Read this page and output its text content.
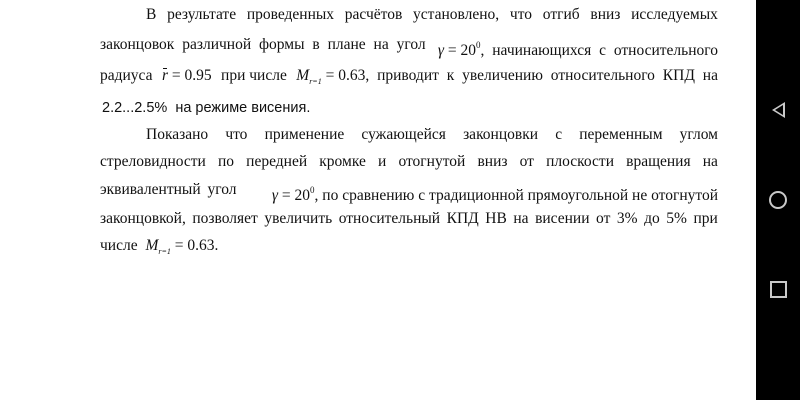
В результате проведенных расчётов установлено, что отгиб вниз исследуемых
законцовок различной формы в плане на угол $\gamma = 20^0$, начинающихся с относительного
радиуса r = 0.95 при числе $M_{r=1} = 0.63$, приводит к увеличению относительного КПД на
2.2...2.5% на режиме висения.
Показано что применение сужающейся законцовки с переменным углом
стреловидности по передней кромке и отогнутой вниз от плоскости вращения на
эквивалентный угол $\gamma = 20^0$, по сравнению с традиционной прямоугольной не отогнутой
законцовкой, позволяет увеличить относительный КПД НВ на висении от 3% до 5% при
числе $M_{r=1} = 0.63$.
